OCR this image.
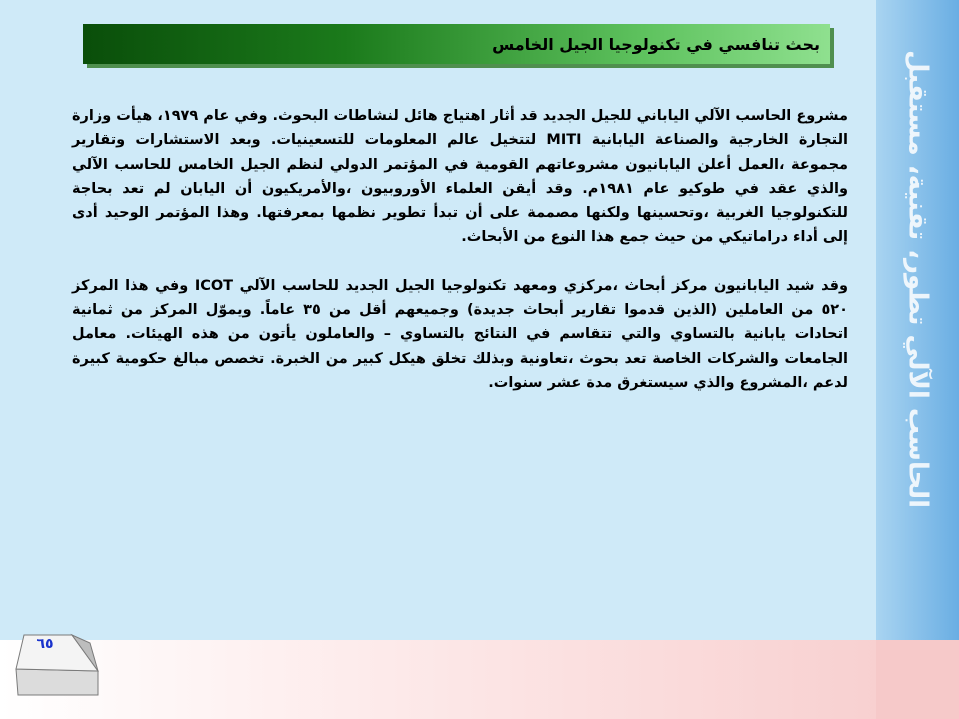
الحاسب الآلي تطور، تقنية، مستقبل
بحث تنافسي في تكنولوجيا الجيل الخامس

مشروع الحاسب الآلي الياباني للجيل الجديد قد أثار اهتياج هائل لنشاطات البحوث. وفي عام ١٩٧٩، هيأت وزارة التجارة الخارجية والصناعة اليابانية MITI لتتخيل عالم المعلومات للتسعينيات. وبعد الاستشارات وتقارير مجموعة ،العمل أعلن اليابانيون مشروعاتهم القومية في المؤتمر الدولي لنظم الجيل الخامس للحاسب الآلي والذي عقد في طوكيو عام ١٩٨١م. وقد أيقن العلماء الأوروبيون ،والأمريكيون أن اليابان لم تعد بحاجة للتكنولوجيا الغربية ،وتحسينها ولكنها مصممة على أن تبدأ تطوير نظمها بمعرفتها. وهذا المؤتمر الوحيد أدى إلى أداء دراماتيكي من حيث جمع هذا النوع من الأبحاث.

وقد شيد اليابانيون مركز أبحاث ،مركزي ومعهد تكنولوجيا الجيل الجديد للحاسب الآلي ICOT وفي هذا المركز ٥٢٠ من العاملين (الذين قدموا تقارير أبحاث جديدة) وجميعهم أقل من ٣٥ عاماً. ويموّل المركز من ثمانية اتحادات يابانية بالتساوي والتي تتقاسم في النتائج بالتساوي – والعاملون يأتون من هذه الهيئات. معامل الجامعات والشركات الخاصة تعد بحوث ،تعاونية وبذلك تخلق هيكل كبير من الخبرة. تخصص مبالغ حكومية كبيرة لدعم ،المشروع والذي سيستغرق مدة عشر سنوات.

٦٥
